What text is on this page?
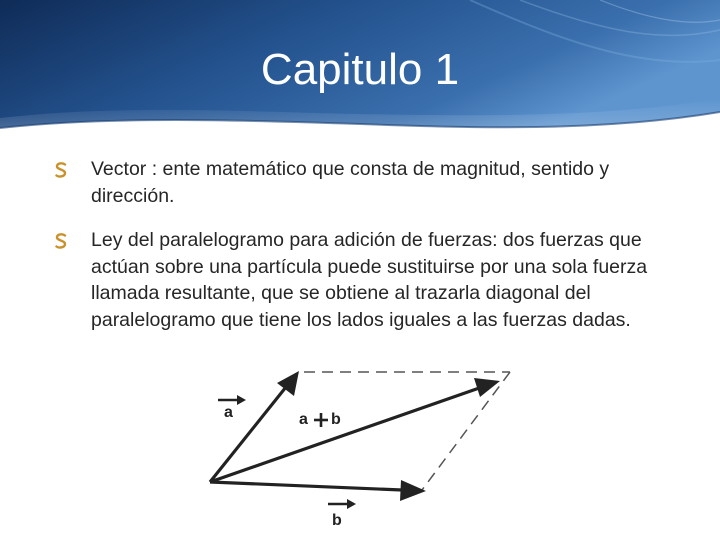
Capitulo 1
Vector : ente matemático que consta de magnitud, sentido y dirección.
Ley del paralelogramo para adición de fuerzas: dos fuerzas que actúan sobre una partícula puede sustituirse por una sola fuerza llamada resultante, que se obtiene al trazarla diagonal del paralelogramo que tiene los lados iguales a las fuerzas dadas.
a	a b
b
